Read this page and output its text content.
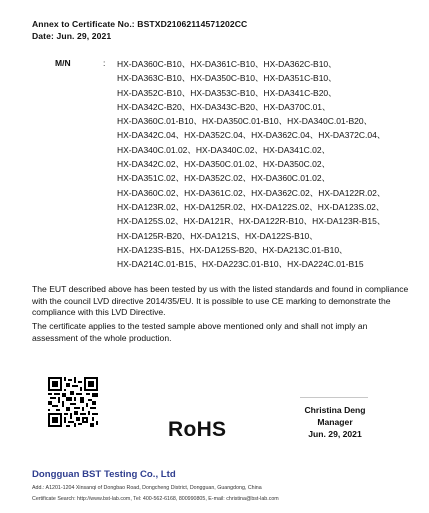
Annex to Certificate No.: BSTXD21062114571202CC
Date: Jun. 29, 2021
M/N	: HX-DA360C-B10、HX-DA361C-B10、HX-DA362C-B10、
HX-DA363C-B10、HX-DA350C-B10、HX-DA351C-B10、
HX-DA352C-B10、HX-DA353C-B10、HX-DA341C-B20、
HX-DA342C-B20、HX-DA343C-B20、HX-DA370C.01、
HX-DA360C.01-B10、HX-DA350C.01-B10、HX-DA340C.01-B20、
HX-DA342C.04、HX-DA352C.04、HX-DA362C.04、HX-DA372C.04、
HX-DA340C.01.02、HX-DA340C.02、HX-DA341C.02、
HX-DA342C.02、HX-DA350C.01.02、HX-DA350C.02、
HX-DA351C.02、HX-DA352C.02、HX-DA360C.01.02、
HX-DA360C.02、HX-DA361C.02、HX-DA362C.02、HX-DA122R.02、
HX-DA123R.02、HX-DA125R.02、HX-DA122S.02、HX-DA123S.02、
HX-DA125S.02、HX-DA121R、HX-DA122R-B10、HX-DA123R-B15、
HX-DA125R-B20、HX-DA121S、HX-DA122S-B10、
HX-DA123S-B15、HX-DA125S-B20、HX-DA213C.01-B10、
HX-DA214C.01-B15、HX-DA223C.01-B10、HX-DA224C.01-B15
The EUT described above has been tested by us with the listed standards and found in compliance with the council LVD directive 2014/35/EU. It is possible to use CE marking to demonstrate the compliance with this LVD Directive.
The certificate applies to the tested sample above mentioned only and shall not imply an assessment of the whole production.
RoHS
Christina Deng
Manager
Jun. 29, 2021
Dongguan BST Testing Co., Ltd
Add.: A1201-1204 Xinsanqi of Dongbao Road, Dongcheng District, Dongguan, Guangdong, China
Certificate Search: http://www.bst-lab.com, Tel: 400-562-6168, 800990805, E-mail: christina@bst-lab.com
